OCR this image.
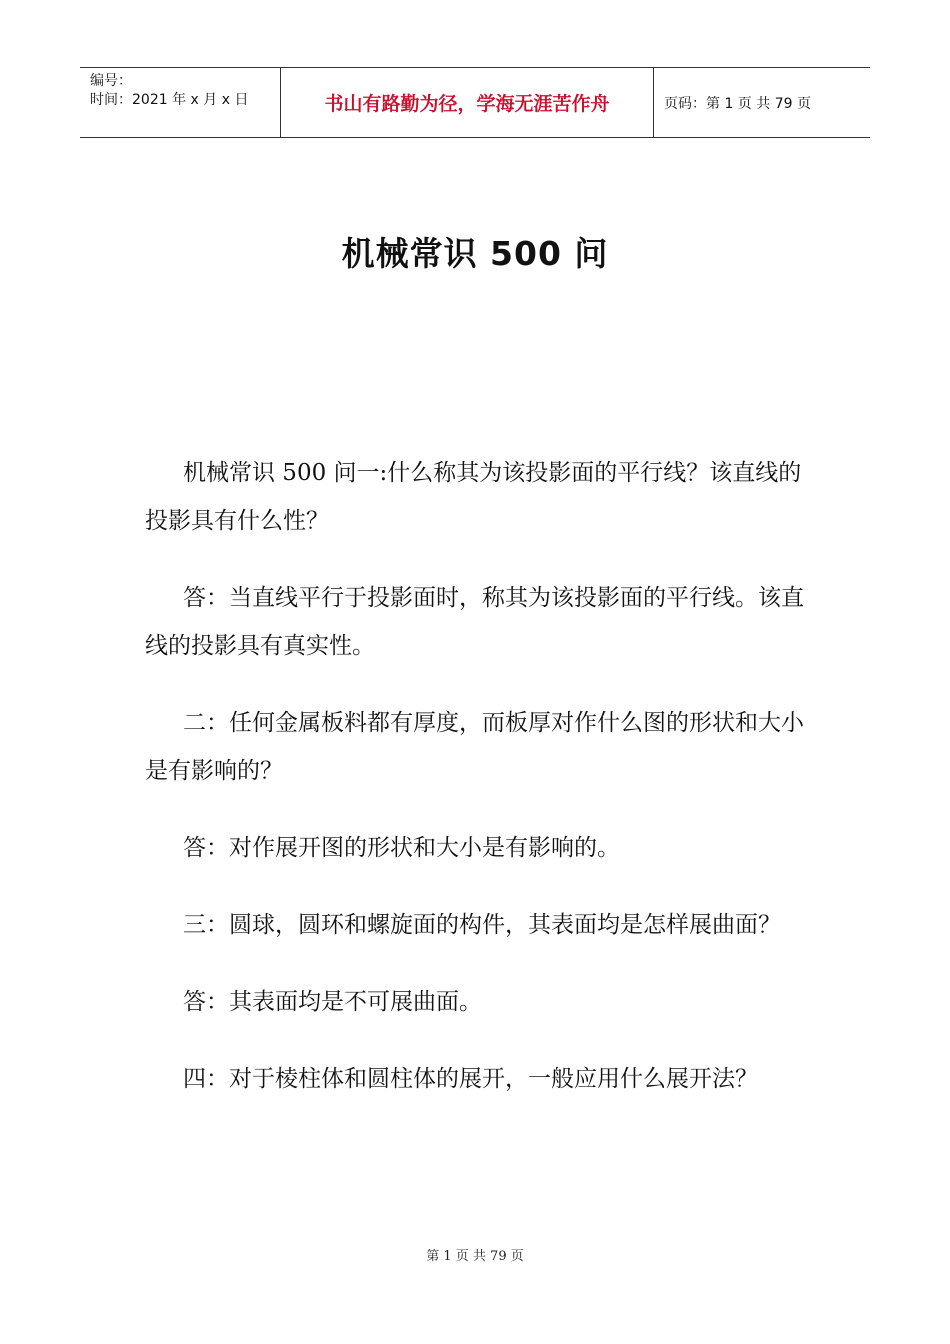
编号：
时间：2021 年 x 月 x 日	书山有路勤为径，学海无涯苦作舟	页码：第 1 页 共 79 页
机械常识 500 问

机械常识 500 问一:什么称其为该投影面的平行线？该直线的投影具有什么性？

答：当直线平行于投影面时，称其为该投影面的平行线。该直线的投影具有真实性。

二：任何金属板料都有厚度，而板厚对作什么图的形状和大小是有影响的？

答：对作展开图的形状和大小是有影响的。

三：圆球，圆环和螺旋面的构件，其表面均是怎样展曲面？

答：其表面均是不可展曲面。

四：对于棱柱体和圆柱体的展开，一般应用什么展开法？

第 1 页 共 79 页
